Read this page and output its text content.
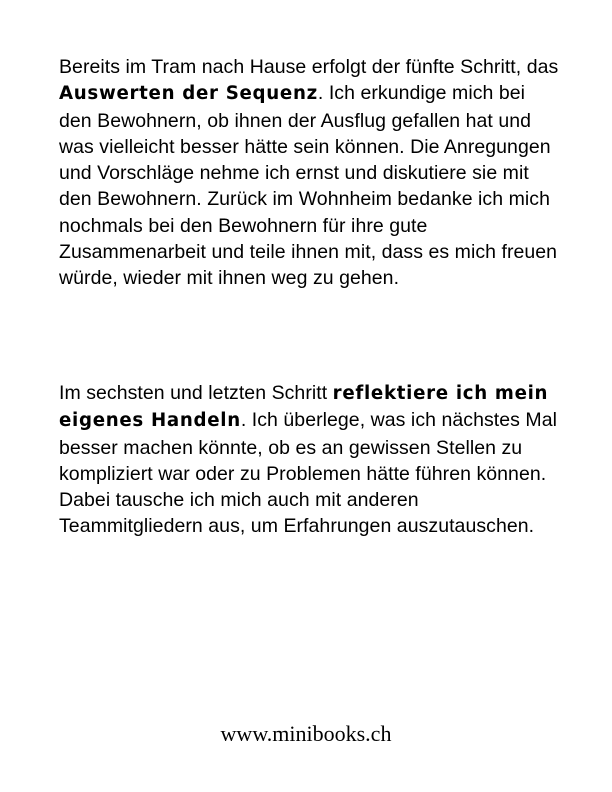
Bereits im Tram nach Hause erfolgt der fünfte Schritt, das Auswerten der Sequenz. Ich erkundige mich bei den Bewohnern, ob ihnen der Ausflug gefallen hat und was vielleicht besser hätte sein können. Die Anregungen und Vorschläge nehme ich ernst und diskutiere sie mit den Bewohnern. Zurück im Wohnheim bedanke ich mich nochmals bei den Bewohnern für ihre gute Zusammenarbeit und teile ihnen mit, dass es mich freuen würde, wieder mit ihnen weg zu gehen.

Im sechsten und letzten Schritt reflektiere ich mein eigenes Handeln. Ich überlege, was ich nächstes Mal besser machen könnte, ob es an gewissen Stellen zu kompliziert war oder zu Problemen hätte führen können. Dabei tausche ich mich auch mit anderen Teammitgliedern aus, um Erfahrungen auszutauschen.

www.minibooks.ch
